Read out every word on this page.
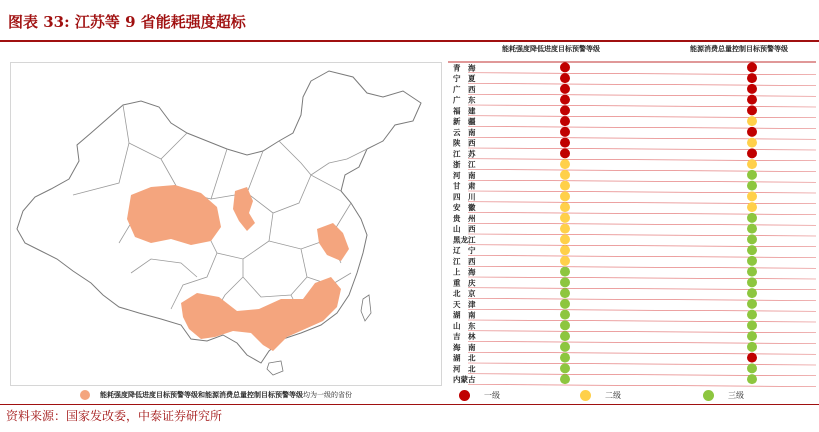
图表 33: 江苏等 9 省能耗强度超标
能耗强度降低进度目标预警等级和能源消费总量控制目标预警等级 均为一级的省份
能耗强度降低进度目标预警等级	能源消费总量控制目标预警等级
青　海
宁　夏
广　西
广　东
福　建
新　疆
云　南
陕　西
江　苏
浙　江
河　南
甘　肃
四　川
安　徽
贵　州
山　西
黑龙江
辽　宁
江　西
上　海
重　庆
北　京
天　津
湖　南
山　东
吉　林
海　南
湖　北
河　北
内蒙古
一级	二级	三级
资料来源：国家发改委，中泰证券研究所
